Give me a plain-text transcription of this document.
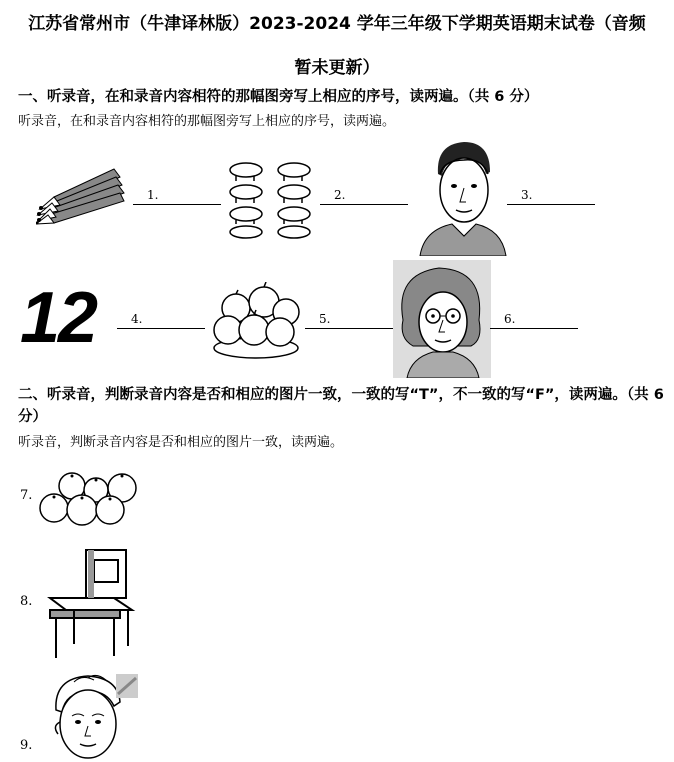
江苏省常州市（牛津译林版）2023-2024 学年三年级下学期英语期末试卷（音频
暂未更新）
一、听录音，在和录音内容相符的那幅图旁写上相应的序号，读两遍。（共 6 分）
听录音，在和录音内容相符的那幅图旁写上相应的序号，读两遍。
1.	2.	3.
12	4.	5.	6.
二、听录音，判断录音内容是否和相应的图片一致，一致的写“T”，不一致的写“F”，读两遍。（共 6 分）
听录音，判断录音内容是否和相应的图片一致，读两遍。
7.
8.
9.
